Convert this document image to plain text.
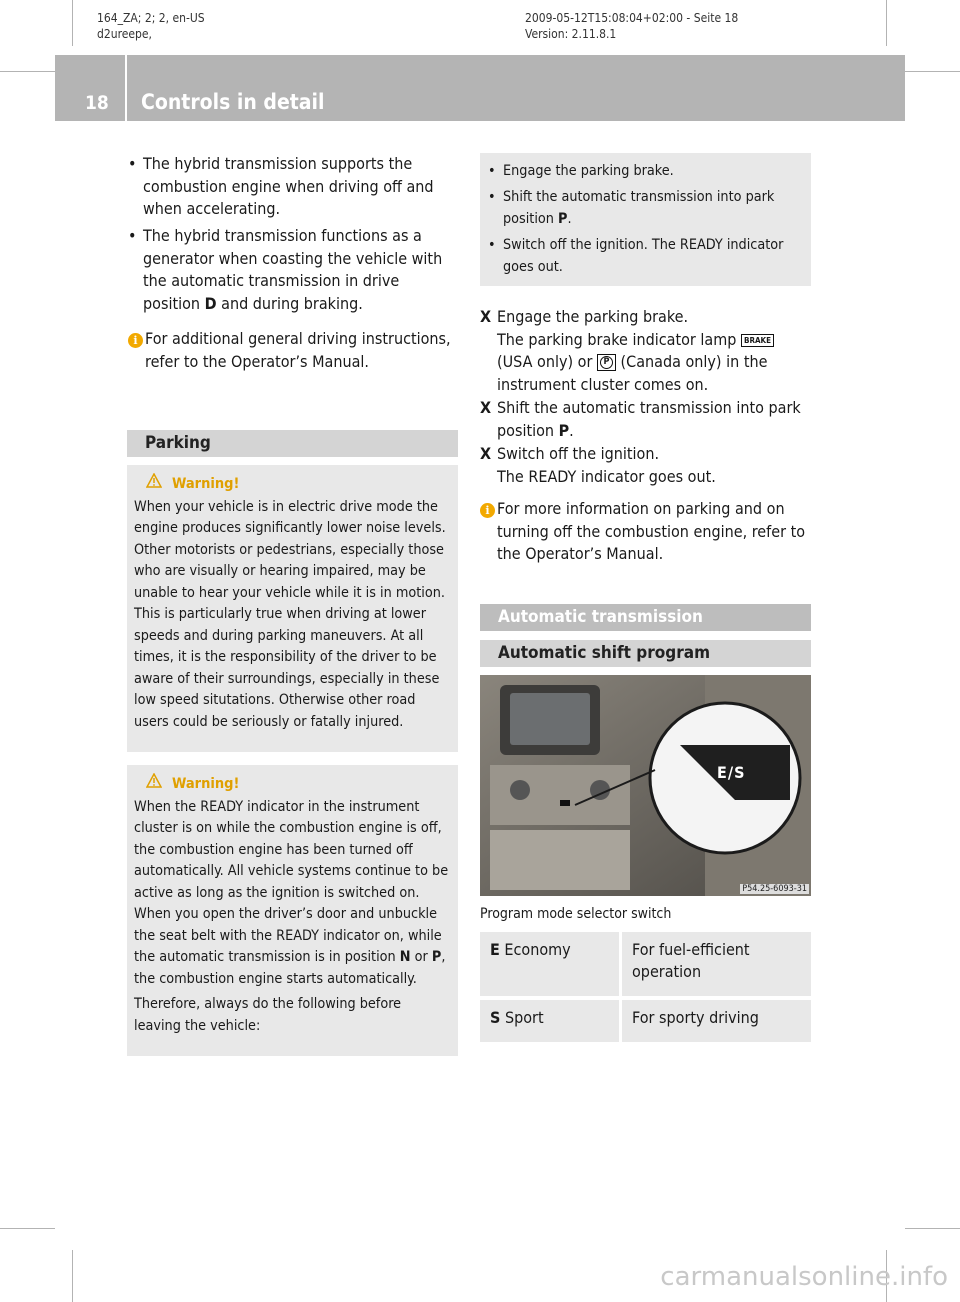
164_ZA; 2; 2, en-US
d2ureepe,
2009-05-12T15:08:04+02:00 - Seite 18
Version: 2.11.8.1
18 Controls in detail
• The hybrid transmission supports the combustion engine when driving off and when accelerating.
• The hybrid transmission functions as a generator when coasting the vehicle with the automatic transmission in drive position D and during braking.
i For additional general driving instructions, refer to the Operator’s Manual.
Parking
Warning!
When your vehicle is in electric drive mode the engine produces significantly lower noise levels. Other motorists or pedestrians, especially those who are visually or hearing impaired, may be unable to hear your vehicle while it is in motion. This is particularly true when driving at lower speeds and during parking maneuvers. At all times, it is the responsibility of the driver to be aware of their surroundings, especially in these low speed situtations. Otherwise other road users could be seriously or fatally injured.
Warning!
When the READY indicator in the instrument cluster is on while the combustion engine is off, the combustion engine has been turned off automatically. All vehicle systems continue to be active as long as the ignition is switched on. When you open the driver’s door and unbuckle the seat belt with the READY indicator on, while the automatic transmission is in position N or P, the combustion engine starts automatically.
Therefore, always do the following before leaving the vehicle:
• Engage the parking brake.
• Shift the automatic transmission into park position P.
• Switch off the ignition. The READY indicator goes out.
X Engage the parking brake.
The parking brake indicator lamp BRAKE
(USA only) or P (Canada only) in the instrument cluster comes on.
X Shift the automatic transmission into park position P.
X Switch off the ignition.
The READY indicator goes out.
i For more information on parking and on turning off the combustion engine, refer to the Operator’s Manual.
Automatic transmission
Automatic shift program
E/S
P54.25-6093-31
Program mode selector switch
E Economy	For fuel-efficient operation
S Sport	For sporty driving
carmanualsonline.info
